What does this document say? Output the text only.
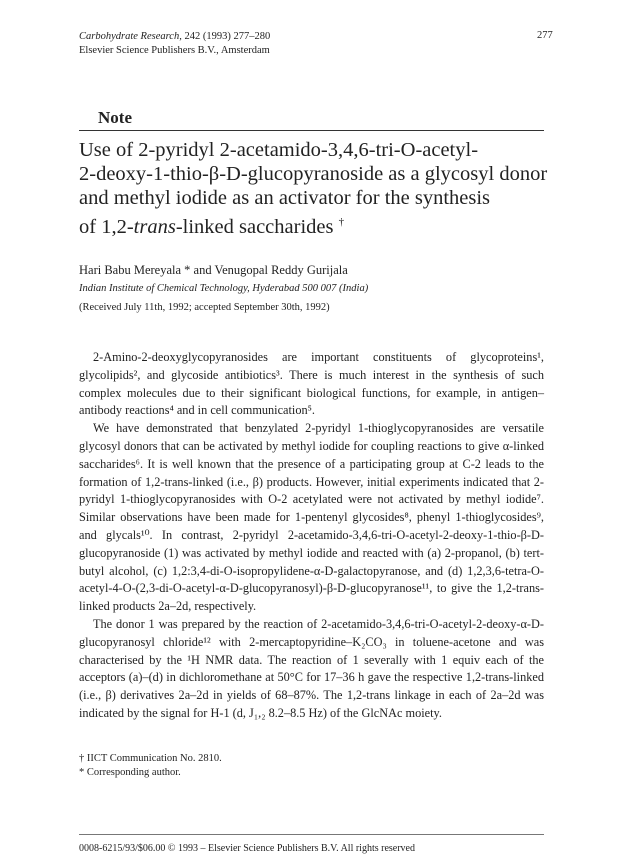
Carbohydrate Research, 242 (1993) 277–280
Elsevier Science Publishers B.V., Amsterdam
277
Note
Use of 2-pyridyl 2-acetamido-3,4,6-tri-O-acetyl-
2-deoxy-1-thio-β-D-glucopyranoside as a glycosyl donor
and methyl iodide as an activator for the synthesis
of 1,2-trans-linked saccharides †
Hari Babu Mereyala * and Venugopal Reddy Gurijala
Indian Institute of Chemical Technology, Hyderabad 500 007 (India)
(Received July 11th, 1992; accepted September 30th, 1992)

2-Amino-2-deoxyglycopyranosides are important constituents of glycoproteins¹, glycolipids², and glycoside antibiotics³. There is much interest in the synthesis of such complex molecules due to their significant biological functions, for example, in antigen–antibody reactions⁴ and in cell communication⁵.

We have demonstrated that benzylated 2-pyridyl 1-thioglycopyranosides are versatile glycosyl donors that can be activated by methyl iodide for coupling reactions to give α-linked saccharides⁶. It is well known that the presence of a participating group at C-2 leads to the formation of 1,2-trans-linked (i.e., β) products. However, initial experiments indicated that 2-pyridyl 1-thioglycopyranosides with O-2 acetylated were not activated by methyl iodide⁷. Similar observations have been made for 1-pentenyl glycosides⁸, phenyl 1-thioglycosides⁹, and glycals¹⁰. In contrast, 2-pyridyl 2-acetamido-3,4,6-tri-O-acetyl-2-deoxy-1-thio-β-D-glucopyranoside (1) was activated by methyl iodide and reacted with (a) 2-propanol, (b) tert-butyl alcohol, (c) 1,2:3,4-di-O-isopropylidene-α-D-galactopyranose, and (d) 1,2,3,6-tetra-O-acetyl-4-O-(2,3-di-O-acetyl-α-D-glucopyranosyl)-β-D-glucopyranose¹¹, to give the 1,2-trans-linked products 2a–2d, respectively.

The donor 1 was prepared by the reaction of 2-acetamido-3,4,6-tri-O-acetyl-2-deoxy-α-D-glucopyranosyl chloride¹² with 2-mercaptopyridine–K₂CO₃ in toluene-acetone and was characterised by the ¹H NMR data. The reaction of 1 severally with 1 equiv each of the acceptors (a)–(d) in dichloromethane at 50°C for 17–36 h gave the respective 1,2-trans-linked (i.e., β) derivatives 2a–2d in yields of 68–87%. The 1,2-trans linkage in each of 2a–2d was indicated by the signal for H-1 (d, J₁,₂ 8.2–8.5 Hz) of the GlcNAc moiety.

† IICT Communication No. 2810.
* Corresponding author.
0008-6215/93/$06.00 © 1993 – Elsevier Science Publishers B.V. All rights reserved
